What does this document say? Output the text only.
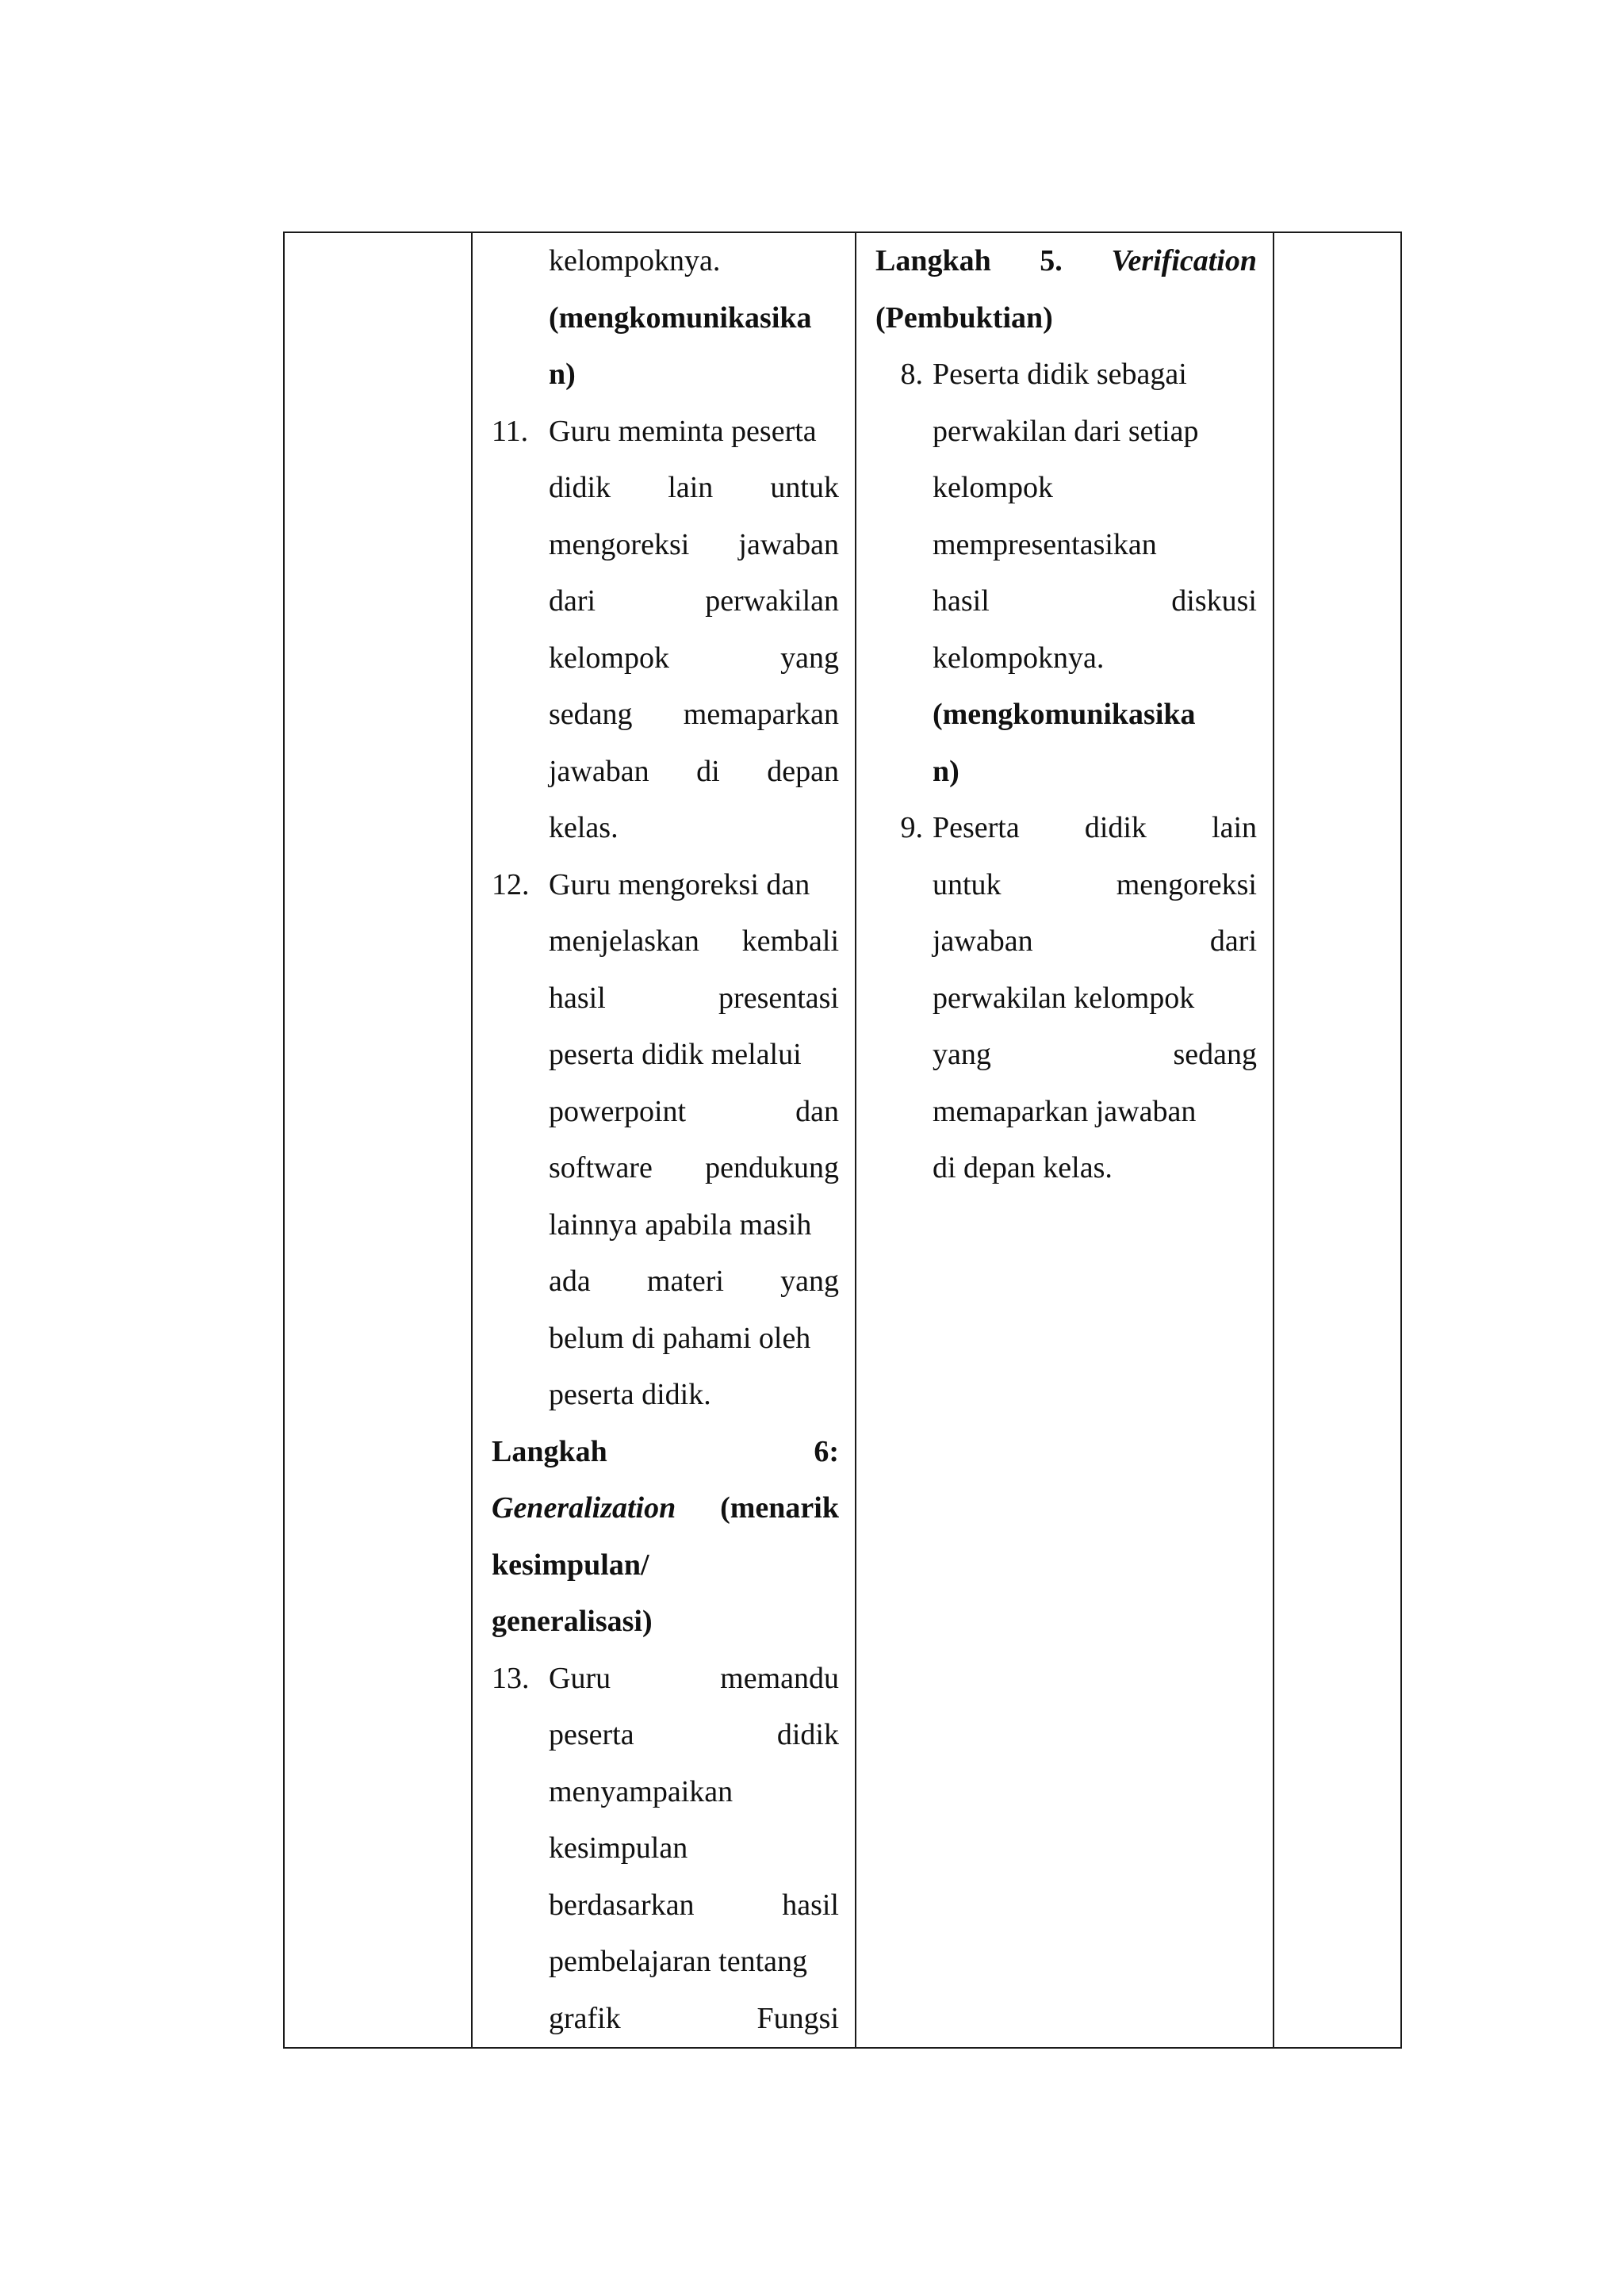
kelompoknya.
(mengkomunikasika
n)
11. Guru meminta peserta
didik lain untuk
mengoreksi jawaban
dari	perwakilan
kelompok	yang
sedang memaparkan
jawaban di depan
kelas.
12. Guru mengoreksi dan
menjelaskan kembali
hasil	presentasi
peserta didik melalui
powerpoint	dan
software pendukung
lainnya apabila masih
ada materi yang
belum di pahami oleh
peserta didik.
Langkah	6:
Generalization (menarik
kesimpulan/
generalisasi)
13. Guru	memandu
peserta	didik
menyampaikan
kesimpulan
berdasarkan	hasil
pembelajaran tentang
grafik	Fungsi

Langkah 5. Verification
(Pembuktian)
8. Peserta didik sebagai
perwakilan dari setiap
kelompok
mempresentasikan
hasil	diskusi
kelompoknya.
(mengkomunikasika
n)
9. Peserta didik lain
untuk	mengoreksi
jawaban	dari
perwakilan kelompok
yang	sedang
memaparkan jawaban
di depan kelas.
